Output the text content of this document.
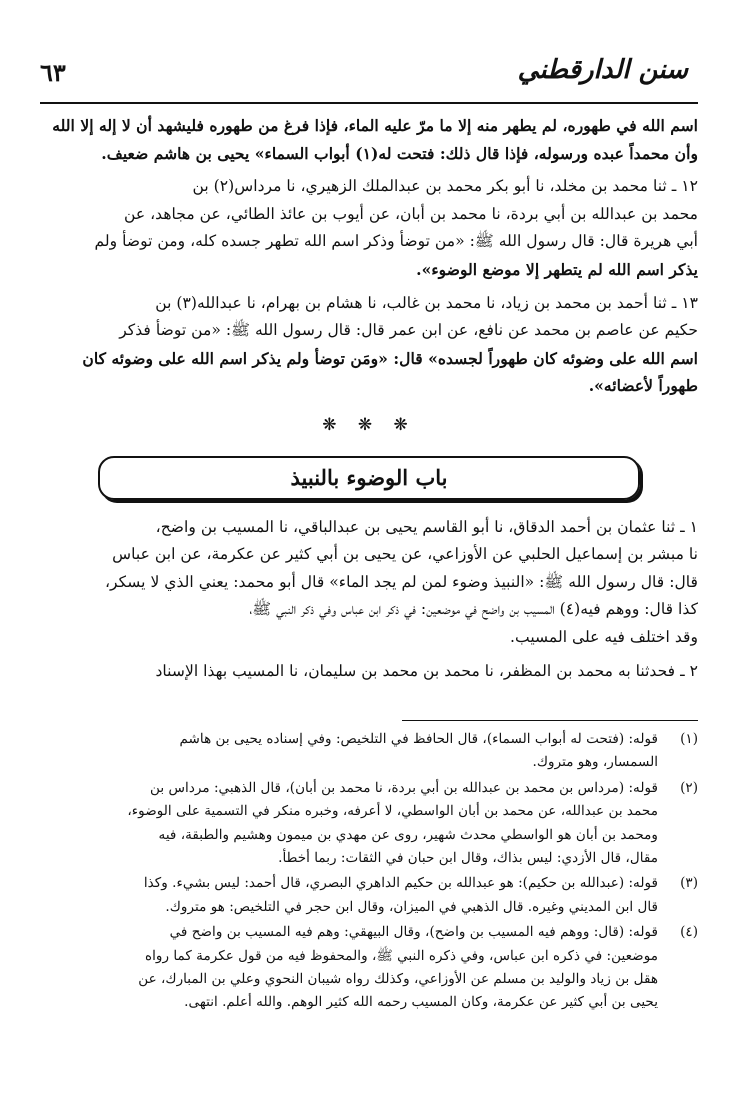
سنن الدارقطني
٦٣

اسم الله في طهوره، لم يطهر منه إلا ما مرّ عليه الماء، فإذا فرغ من طهوره فليشهد أن لا إله إلا الله

وأن محمداً عبده ورسوله، فإذا قال ذلك: فتحت له(١) أبواب السماء» يحيى بن هاشم ضعيف.

١٢ ـ ثنا محمد بن مخلد، نا أبو بكر محمد بن عبدالملك الزهيري، نا مرداس(٢) بن

محمد بن عبدالله بن أبي بردة، نا محمد بن أبان، عن أيوب بن عائذ الطائي، عن مجاهد، عن

أبي هريرة قال: قال رسول الله ﷺ: «من توضأ وذكر اسم الله تطهر جسده كله، ومن توضأ ولم

يذكر اسم الله لم يتطهر إلا موضع الوضوء».

١٣ ـ ثنا أحمد بن محمد بن زياد، نا محمد بن غالب، نا هشام بن بهرام، نا عبدالله(٣) بن

حكيم عن عاصم بن محمد عن نافع، عن ابن عمر قال: قال رسول الله ﷺ: «من توضأ فذكر

اسم الله على وضوئه كان طهوراً لجسده» قال: «ومَن توضأ ولم يذكر اسم الله على وضوئه كان

طهوراً لأعضائه».

❋ ❋ ❋
باب الوضوء بالنبيذ

١ ـ ثنا عثمان بن أحمد الدقاق، نا أبو القاسم يحيى بن عبدالباقي، نا المسيب بن واضح،

نا مبشر بن إسماعيل الحلبي عن الأوزاعي، عن يحيى بن أبي كثير عن عكرمة، عن ابن عباس

قال: قال رسول الله ﷺ: «النبيذ وضوء لمن لم يجد الماء» قال أبو محمد: يعني الذي لا يسكر،

كذا قال: ووهم فيه(٤) المسيب بن واضح في موضعين: في ذكر ابن عباس وفي ذكر النبي ﷺ،

وقد اختلف فيه على المسيب.

٢ ـ فحدثنا به محمد بن المظفر، نا محمد بن محمد بن سليمان، نا المسيب بهذا الإسناد

(١)
قوله: (فتحت له أبواب السماء)، قال الحافظ في التلخيص: وفي إسناده يحيى بن هاشم
السمسار، وهو متروك.
(٢)
قوله: (مرداس بن محمد بن عبدالله بن أبي بردة، نا محمد بن أبان)، قال الذهبي: مرداس بن
محمد بن عبدالله، عن محمد بن أبان الواسطي، لا أعرفه، وخبره منكر في التسمية على الوضوء،
ومحمد بن أبان هو الواسطي محدث شهير، روى عن مهدي بن ميمون وهشيم والطبقة، فيه
مقال، قال الأزدي: ليس بذاك، وقال ابن حبان في الثقات: ربما أخطأ.
(٣)
قوله: (عبدالله بن حكيم): هو عبدالله بن حكيم الداهري البصري، قال أحمد: ليس بشيء. وكذا
قال ابن المديني وغيره. قال الذهبي في الميزان، وقال ابن حجر في التلخيص: هو متروك.
(٤)
قوله: (قال: ووهم فيه المسيب بن واضح)، وقال البيهقي: وهم فيه المسيب بن واضح في
موضعين: في ذكره ابن عباس، وفي ذكره النبي ﷺ، والمحفوظ فيه من قول عكرمة كما رواه
هقل بن زياد والوليد بن مسلم عن الأوزاعي، وكذلك رواه شيبان النحوي وعلي بن المبارك، عن
يحيى بن أبي كثير عن عكرمة، وكان المسيب رحمه الله كثير الوهم. والله أعلم. انتهى.
